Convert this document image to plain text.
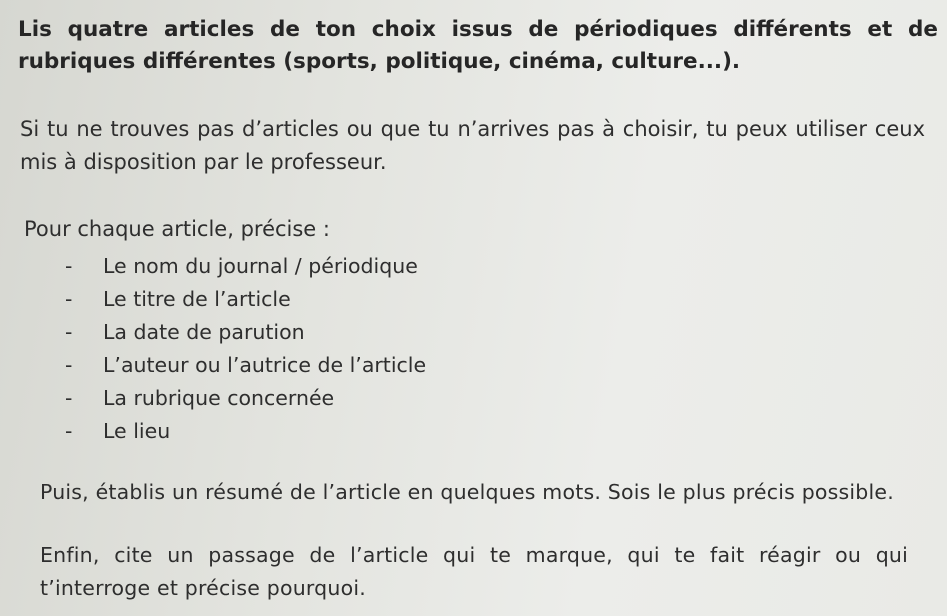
Lis quatre articles de ton choix issus de périodiques différents et de rubriques différentes (sports, politique, cinéma, culture...).
Si tu ne trouves pas d’articles ou que tu n’arrives pas à choisir, tu peux utiliser ceux mis à disposition par le professeur.
Pour chaque article, précise :
- Le nom du journal / périodique
- Le titre de l’article
- La date de parution
- L’auteur ou l’autrice de l’article
- La rubrique concernée
- Le lieu
Puis, établis un résumé de l’article en quelques mots. Sois le plus précis possible.
Enfin, cite un passage de l’article qui te marque, qui te fait réagir ou qui t’interroge et précise pourquoi.
